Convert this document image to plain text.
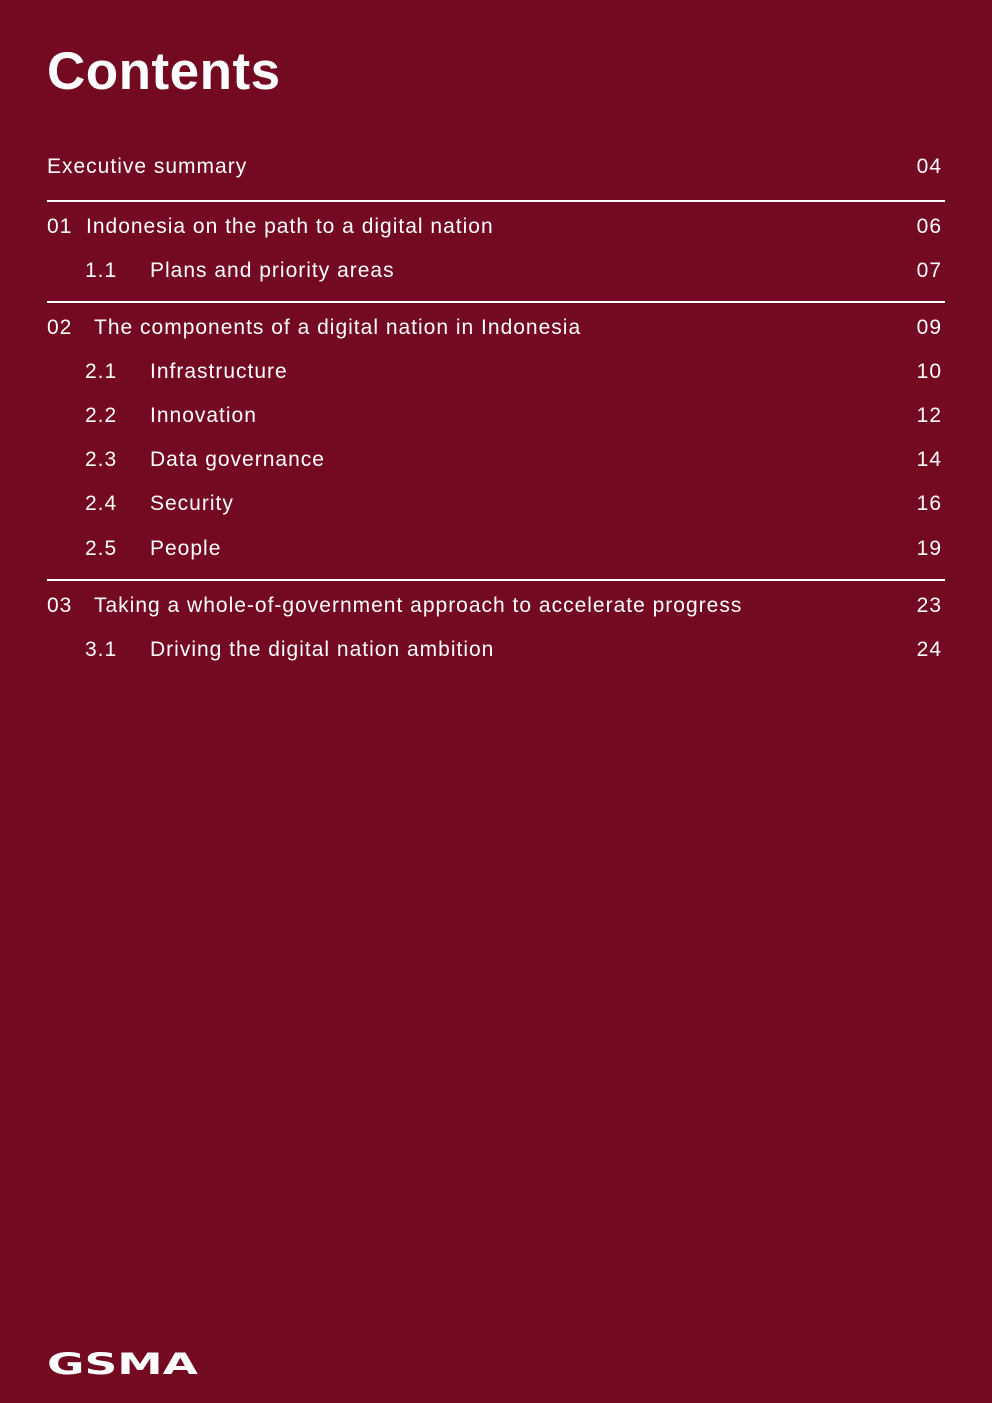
Contents
Executive summary	04
01 Indonesia on the path to a digital nation	06
1.1 Plans and priority areas	07
02 The components of a digital nation in Indonesia	09
2.1 Infrastructure	10
2.2 Innovation	12
2.3 Data governance	14
2.4 Security	16
2.5 People	19
03 Taking a whole-of-government approach to accelerate progress	23
3.1 Driving the digital nation ambition	24
GSMA
